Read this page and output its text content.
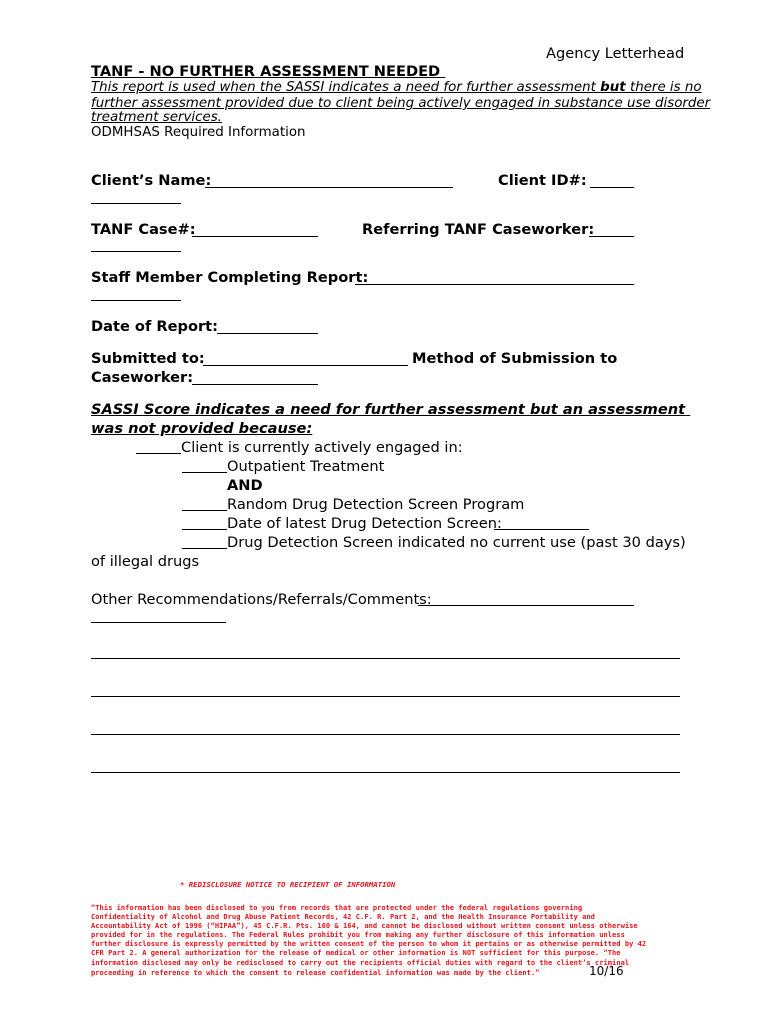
Agency Letterhead
TANF - NO FURTHER ASSESSMENT NEEDED
This report is used when the SASSI indicates a need for further assessment but there is no
further assessment provided due to client being actively engaged in substance use disorder
treatment services.
ODMHSAS Required Information
Client’s Name:	Client ID#:
TANF Case#:	Referring TANF Caseworker:
Staff Member Completing Report:
Date of Report:
Submitted to:	Method of Submission to
Caseworker:
SASSI Score indicates a need for further assessment but an assessment
was not provided because:
Client is currently actively engaged in:
Outpatient Treatment
AND
Random Drug Detection Screen Program
Date of latest Drug Detection Screen:
Drug Detection Screen indicated no current use (past 30 days)
of illegal drugs
Other Recommendations/Referrals/Comments:
* REDISCLOSURE NOTICE TO RECIPIENT OF INFORMATION
“This information has been disclosed to you from records that are protected under the federal regulations governing
Confidentiality of Alcohol and Drug Abuse Patient Records, 42 C.F. R. Part 2, and the Health Insurance Portability and
Accountability Act of 1996 (“HIPAA”), 45 C.F.R. Pts. 160 & 164, and cannot be disclosed without written consent unless otherwise
provided for in the regulations. The Federal Rules prohibit you from making any further disclosure of this information unless
further disclosure is expressly permitted by the written consent of the person to whom it pertains or as otherwise permitted by 42
CFR Part 2. A general authorization for the release of medical or other information is NOT sufficient for this purpose. “The
information disclosed may only be redisclosed to carry out the recipients official duties with regard to the client’s criminal
proceeding in reference to which the consent to release confidential information was made by the client.”	10/16
